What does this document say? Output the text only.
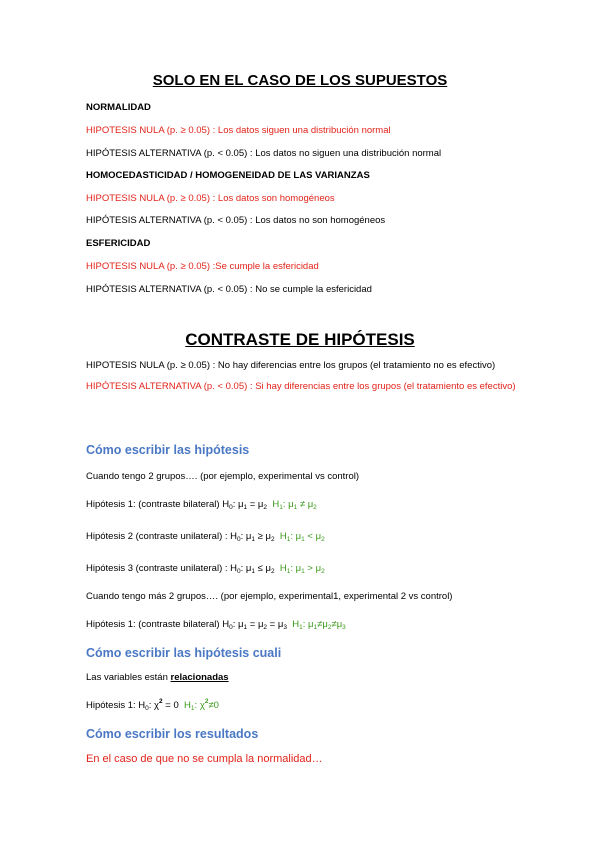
SOLO EN EL CASO DE LOS SUPUESTOS
NORMALIDAD
HIPOTESIS NULA (p. ≥ 0.05) : Los datos siguen una distribución normal
HIPÓTESIS ALTERNATIVA (p. < 0.05) : Los datos no siguen una distribución normal
HOMOCEDASTICIDAD / HOMOGENEIDAD DE LAS VARIANZAS
HIPOTESIS NULA (p. ≥ 0.05) : Los datos son homogéneos
HIPÓTESIS ALTERNATIVA (p. < 0.05) : Los datos no son homogéneos
ESFERICIDAD
HIPOTESIS NULA (p. ≥ 0.05) :Se cumple la esfericidad
HIPÓTESIS ALTERNATIVA (p. < 0.05) : No se cumple la esfericidad
CONTRASTE DE HIPÓTESIS
HIPOTESIS NULA (p. ≥ 0.05) : No hay diferencias entre los grupos (el tratamiento no es efectivo)
HIPÓTESIS ALTERNATIVA (p. < 0.05) : Si hay diferencias entre los grupos (el tratamiento es efectivo)
Cómo escribir las hipótesis
Cuando tengo 2 grupos…. (por ejemplo, experimental vs control)
Hipótesis 1: (contraste bilateral) $H_0$: $\mu_1 = \mu_2$  $H_1$: $\mu_1 \ne \mu_2$
Hipótesis 2 (contraste unilateral) : $H_0$: $\mu_1 \ge \mu_2$  $H_1$: $\mu_1 < \mu_2$
Hipótesis 3 (contraste unilateral) : $H_0$: $\mu_1 \le \mu_2$  $H_1$: $\mu_1 > \mu_2$
Cuando tengo más 2 grupos…. (por ejemplo, experimental1, experimental 2 vs control)
Hipótesis 1: (contraste bilateral) $H_0$: $\mu_1 = \mu_2 = \mu_3$  $H_1$: $\mu_1\ne\mu_2\ne\mu_3$
Cómo escribir las hipótesis cuali
Las variables están relacionadas
Hipótesis 1: $H_0$: $\chi^2 = 0$  $H_1$: $\chi^2\ne 0$
Cómo escribir los resultados
En el caso de que no se cumpla la normalidad…
